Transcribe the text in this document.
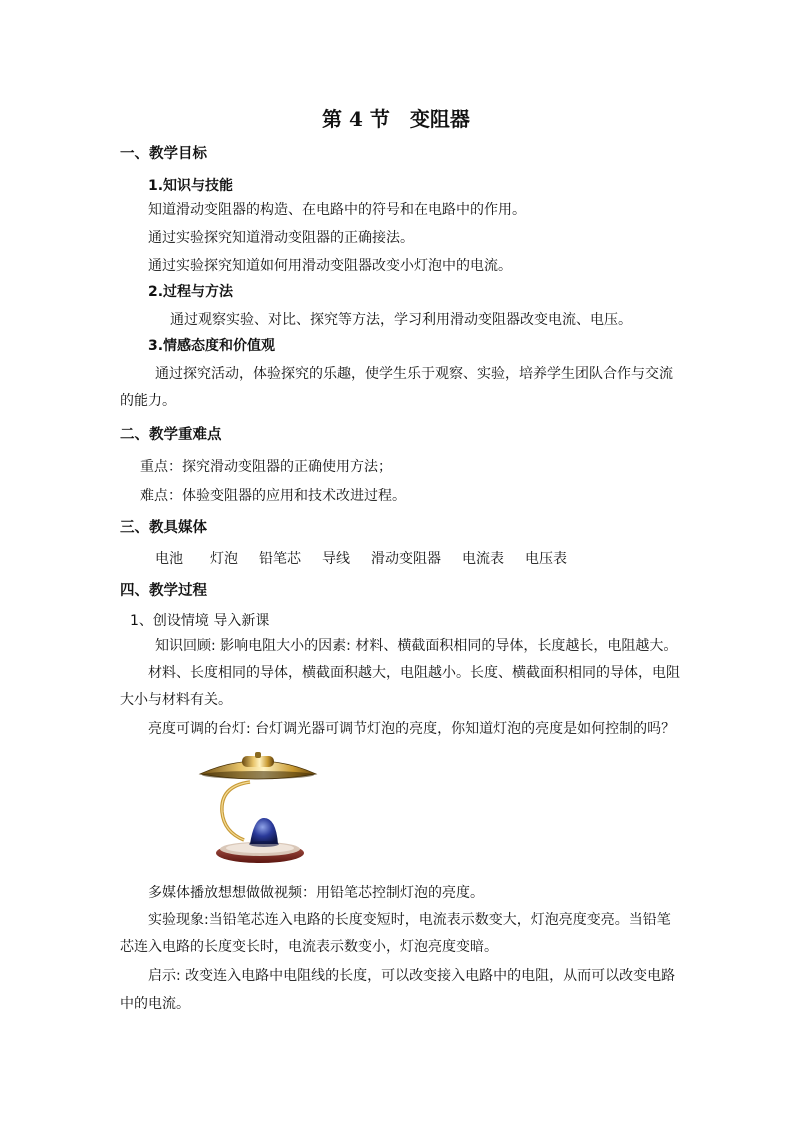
第 4 节　变阻器
一、教学目标
1.知识与技能
知道滑动变阻器的构造、在电路中的符号和在电路中的作用。
通过实验探究知道滑动变阻器的正确接法。
通过实验探究知道如何用滑动变阻器改变小灯泡中的电流。
2.过程与方法
通过观察实验、对比、探究等方法，学习利用滑动变阻器改变电流、电压。
3.情感态度和价值观
通过探究活动，体验探究的乐趣，使学生乐于观察、实验，培养学生团队合作与交流
的能力。
二、教学重难点
重点：探究滑动变阻器的正确使用方法；
难点：体验变阻器的应用和技术改进过程。
三、教具媒体
电池 灯泡 铅笔芯 导线 滑动变阻器 电流表 电压表
四、教学过程
1、创设情境 导入新课
知识回顾: 影响电阻大小的因素: 材料、横截面积相同的导体，长度越长，电阻越大。
材料、长度相同的导体，横截面积越大，电阻越小。长度、横截面积相同的导体，电阻
大小与材料有关。
亮度可调的台灯: 台灯调光器可调节灯泡的亮度，你知道灯泡的亮度是如何控制的吗？
多媒体播放想想做做视频：用铅笔芯控制灯泡的亮度。
实验现象:当铅笔芯连入电路的长度变短时，电流表示数变大，灯泡亮度变亮。当铅笔
芯连入电路的长度变长时，电流表示数变小，灯泡亮度变暗。
启示: 改变连入电路中电阻线的长度，可以改变接入电路中的电阻，从而可以改变电路
中的电流。
